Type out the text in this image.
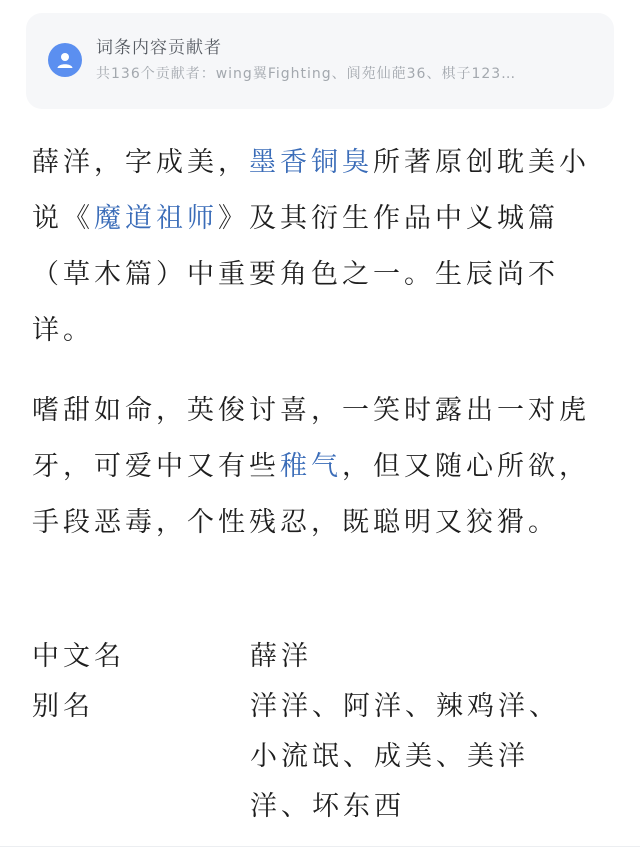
词条内容贡献者
共136个贡献者：wing翼Fighting、阆苑仙葩36、棋子123…

薛洋，字成美，墨香铜臭所著原创耽美小说《魔道祖师》及其衍生作品中义城篇（草木篇）中重要角色之一。生辰尚不详。

嗜甜如命，英俊讨喜，一笑时露出一对虎牙，可爱中又有些稚气，但又随心所欲，手段恶毒，个性残忍，既聪明又狡猾。

中文名	薛洋
别名	洋洋、阿洋、辣鸡洋、
小流氓、成美、美洋
洋、坏东西
